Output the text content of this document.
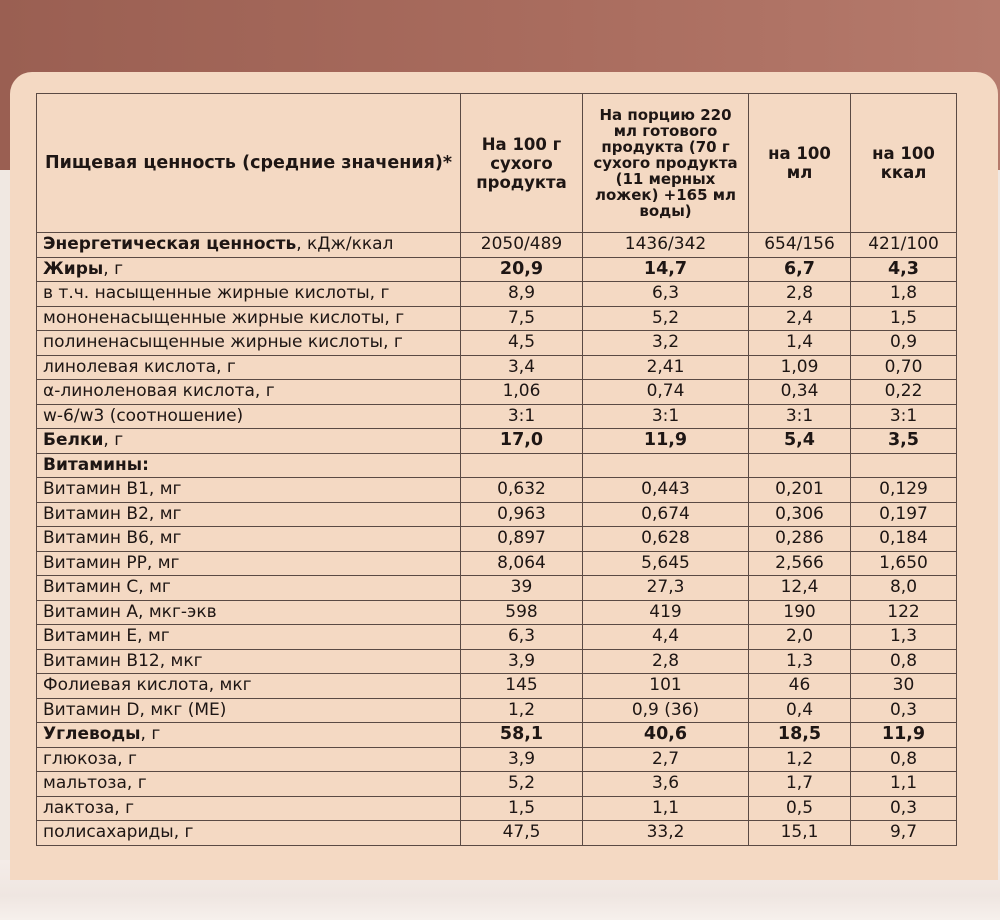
Пищевая ценность (средние значения)*	На 100 г сухого продукта	На порцию 220 мл готового продукта (70 г сухого продукта (11 мерных ложек) +165 мл воды)	на 100 мл	на 100 ккал
Энергетическая ценность, кДж/ккал	2050/489	1436/342	654/156	421/100
Жиры, г	20,9	14,7	6,7	4,3
в т.ч. насыщенные жирные кислоты, г	8,9	6,3	2,8	1,8
мононенасыщенные жирные кислоты, г	7,5	5,2	2,4	1,5
полиненасыщенные жирные кислоты, г	4,5	3,2	1,4	0,9
линолевая кислота, г	3,4	2,41	1,09	0,70
α-линоленовая кислота, г	1,06	0,74	0,34	0,22
w-6/w3 (соотношение)	3:1	3:1	3:1	3:1
Белки, г	17,0	11,9	5,4	3,5
Витамины:				
Витамин В1, мг	0,632	0,443	0,201	0,129
Витамин В2, мг	0,963	0,674	0,306	0,197
Витамин В6, мг	0,897	0,628	0,286	0,184
Витамин РР, мг	8,064	5,645	2,566	1,650
Витамин С, мг	39	27,3	12,4	8,0
Витамин А, мкг-экв	598	419	190	122
Витамин Е, мг	6,3	4,4	2,0	1,3
Витамин В12, мкг	3,9	2,8	1,3	0,8
Фолиевая кислота, мкг	145	101	46	30
Витамин D, мкг (МЕ)	1,2	0,9 (36)	0,4	0,3
Углеводы, г	58,1	40,6	18,5	11,9
глюкоза, г	3,9	2,7	1,2	0,8
мальтоза, г	5,2	3,6	1,7	1,1
лактоза, г	1,5	1,1	0,5	0,3
полисахариды, г	47,5	33,2	15,1	9,7
